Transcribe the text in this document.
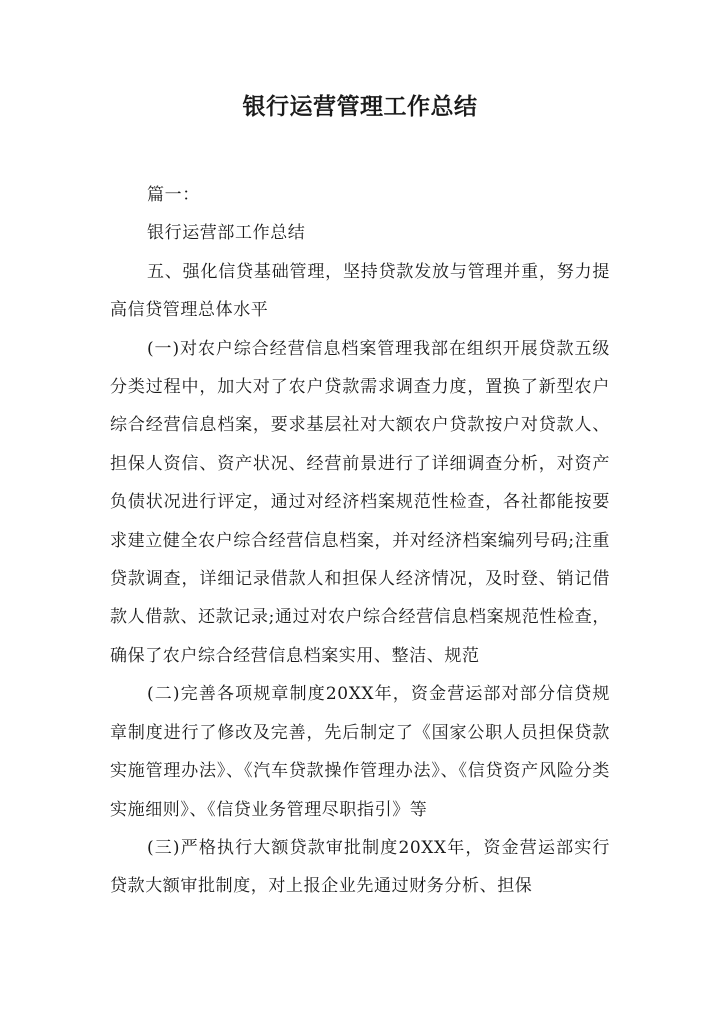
银行运营管理工作总结

篇一：

银行运营部工作总结

五、强化信贷基础管理，坚持贷款发放与管理并重，努力提高信贷管理总体水平

(一)对农户综合经营信息档案管理我部在组织开展贷款五级分类过程中，加大对了农户贷款需求调查力度，置换了新型农户综合经营信息档案，要求基层社对大额农户贷款按户对贷款人、担保人资信、资产状况、经营前景进行了详细调查分析，对资产负债状况进行评定，通过对经济档案规范性检查，各社都能按要求建立健全农户综合经营信息档案，并对经济档案编列号码;注重贷款调查，详细记录借款人和担保人经济情况，及时登、销记借款人借款、还款记录;通过对农户综合经营信息档案规范性检查，确保了农户综合经营信息档案实用、整洁、规范

(二)完善各项规章制度20XX年，资金营运部对部分信贷规章制度进行了修改及完善，先后制定了《国家公职人员担保贷款实施管理办法》、《汽车贷款操作管理办法》、《信贷资产风险分类实施细则》、《信贷业务管理尽职指引》等

(三)严格执行大额贷款审批制度20XX年，资金营运部实行贷款大额审批制度，对上报企业先通过财务分析、担保
